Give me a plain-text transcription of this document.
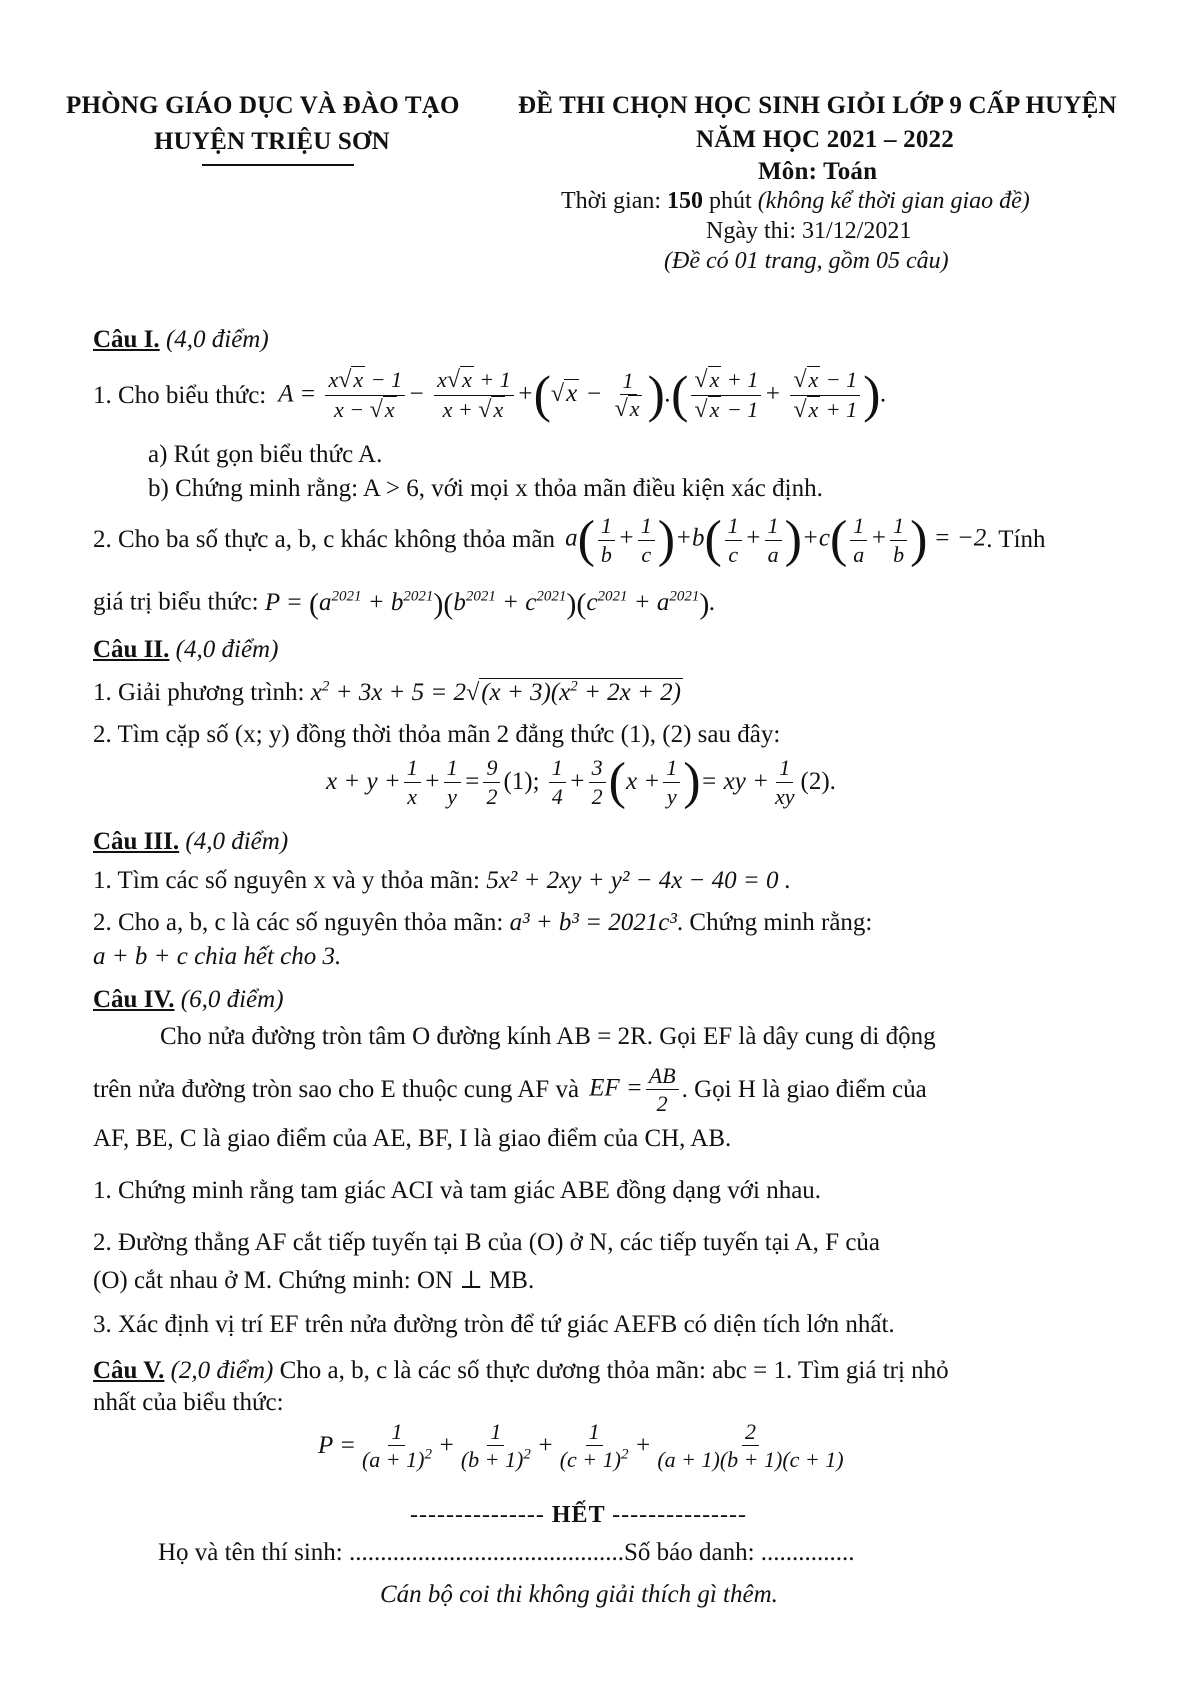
PHÒNG GIÁO DỤC VÀ ĐÀO TẠO
HUYỆN TRIỆU SƠN
ĐỀ THI CHỌN HỌC SINH GIỎI LỚP 9 CẤP HUYỆN
NĂM HỌC 2021 – 2022
Môn: Toán
Thời gian: 150 phút (không kể thời gian giao đề)
Ngày thi: 31/12/2021
(Đề có 01 trang, gồm 05 câu)
Câu I. (4,0 điểm)
1. Cho biểu thức: $A = \frac{x√x - 1}{x - √x} - \frac{x√x + 1}{x + √x} +(√x - \frac{1}{√x}$ ).( $\frac{√x + 1}{√x - 1} + \frac{√x - 1}{√x + 1}$ ).
a) Rút gọn biểu thức A.
b) Chứng minh rằng: A > 6, với mọi x thỏa mãn điều kiện xác định.
2. Cho ba số thực a, b, c khác không thỏa mãn $a( \frac{1}{b} + \frac{1}{c} )+b( \frac{1}{c} + \frac{1}{a} )+c( \frac{1}{a} + \frac{1}{b}$ ) = −2 . Tính
giá trị biểu thức: $P = (a^{2021} + b^{2021})(b^{2021} + c^{2021})(c^{2021} + a^{2021})$.
Câu II. (4,0 điểm)
1. Giải phương trình: $x^2 + 3x + 5 = 2√(x + 3)(x^2 + 2x + 2)$
2. Tìm cặp số (x; y) đồng thời thỏa mãn 2 đẳng thức (1), (2) sau đây:
$x + y + \frac{1}{x} + \frac{1}{y} = \frac{9}{2} (1)$;
$\frac{1}{4} + \frac{3}{2}$ ( $x + \frac{1}{y}$ ) = xy + $\frac{1}{xy} (2)$.
Câu III. (4,0 điểm)
1. Tìm các số nguyên x và y thỏa mãn: 5x² + 2xy + y² − 4x − 40 = 0 .
2. Cho a, b, c là các số nguyên thỏa mãn: a³ + b³ = 2021c³. Chứng minh rằng:
a + b + c chia hết cho 3.
Câu IV. (6,0 điểm)
Cho nửa đường tròn tâm O đường kính AB = 2R. Gọi EF là dây cung di động
trên nửa đường tròn sao cho E thuộc cung AF và EF = $\frac{AB}{2}$ . Gọi H là giao điểm của
AF, BE, C là giao điểm của AE, BF, I là giao điểm của CH, AB.
1. Chứng minh rằng tam giác ACI và tam giác ABE đồng dạng với nhau.
2. Đường thẳng AF cắt tiếp tuyến tại B của (O) ở N, các tiếp tuyến tại A, F của
(O) cắt nhau ở M. Chứng minh: ON ⊥ MB.
3. Xác định vị trí EF trên nửa đường tròn để tứ giác AEFB có diện tích lớn nhất.
Câu V. (2,0 điểm) Cho a, b, c là các số thực dương thỏa mãn: abc = 1. Tìm giá trị nhỏ
nhất của biểu thức:
$P = \frac{1}{(a + 1)^2} + \frac{1}{(b + 1)^2} + \frac{1}{(c + 1)^2} + \frac{2}{(a + 1)(b + 1)(c + 1)}$
--------------- HẾT ---------------
Họ và tên thí sinh: ............................................Số báo danh: ...............
Cán bộ coi thi không giải thích gì thêm.
